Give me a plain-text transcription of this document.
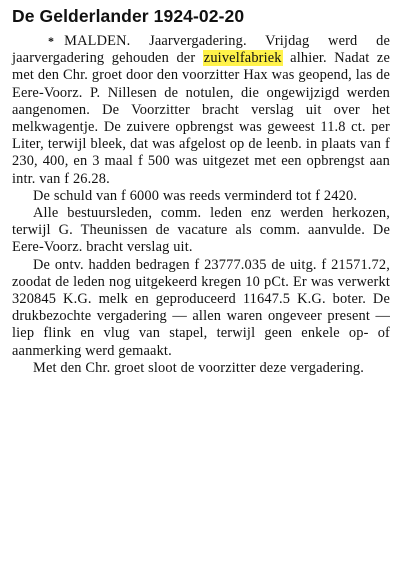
De Gelderlander 1924-02-20

* MALDEN. Jaarvergadering. Vrijdag werd de jaarvergadering gehouden der zuivelfabriek alhier. Nadat ze met den Chr. groet door den voorzitter Hax was geopend, las de Eere-Voorz. P. Nillesen de notulen, die ongewijzigd werden aangenomen. De Voorzitter bracht verslag uit over het melkwagentje. De zuivere opbrengst was geweest 11.8 ct. per Liter, terwijl bleek, dat was afgelost op de leenb. in plaats van f 230, 400, en 3 maal f 500 was uitgezet met een opbrengst aan intr. van f 26.28.

De schuld van f 6000 was reeds verminderd tot f 2420.

Alle bestuursleden, comm. leden enz werden herkozen, terwijl G. Theunissen de vacature als comm. aanvulde. De Eere-Voorz. bracht verslag uit.

De ontv. hadden bedragen f 23777.035 de uitg. f 21571.72, zoodat de leden nog uitgekeerd kregen 10 pCt. Er was verwerkt 320845 K.G. melk en geproduceerd 11647.5 K.G. boter. De drukbezochte vergadering — allen waren ongeveer present — liep flink en vlug van stapel, terwijl geen enkele op- of aanmerking werd gemaakt.

Met den Chr. groet sloot de voorzitter deze vergadering.
